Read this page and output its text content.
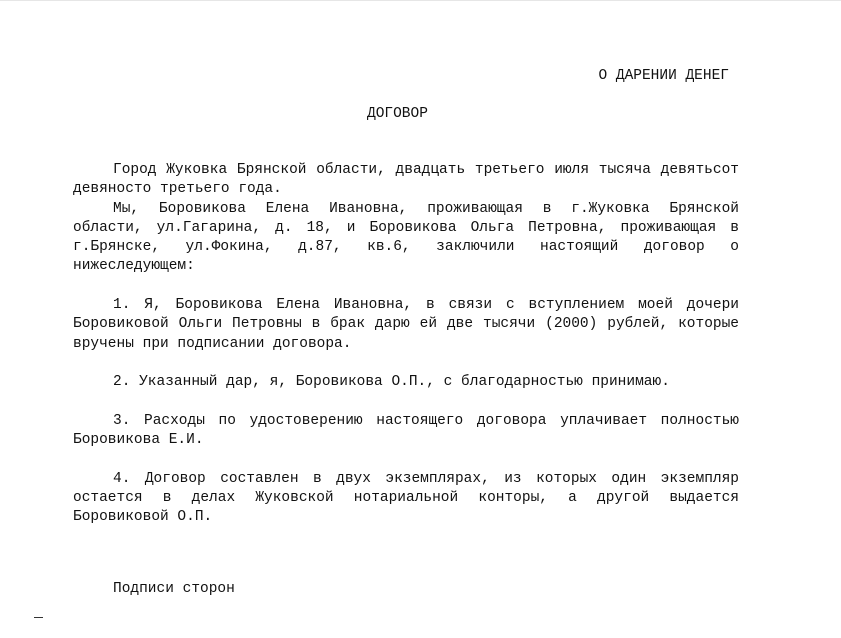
О ДАРЕНИИ ДЕНЕГ
ДОГОВОР

Город Жуковка Брянской области, двадцать третьего июля тысяча девятьсот девяносто третьего года.

Мы, Боровикова Елена Ивановна, проживающая в г.Жуковка Брянской области, ул.Гагарина, д. 18, и Боровикова Ольга Петровна, проживающая в г.Брянске, ул.Фокина, д.87, кв.6, заключили настоящий договор о нижеследующем:

1. Я, Боровикова Елена Ивановна, в связи с вступлением моей дочери Боровиковой Ольги Петровны в брак дарю ей две тысячи (2000) рублей, которые вручены при подписании договора.

2. Указанный дар, я, Боровикова О.П., с благодарностью принимаю.

3. Расходы по удостоверению настоящего договора уплачивает полностью Боровикова Е.И.

4. Договор составлен в двух экземплярах, из которых один экземпляр остается в делах Жуковской нотариальной конторы, а другой выдается Боровиковой О.П.

Подписи сторон
